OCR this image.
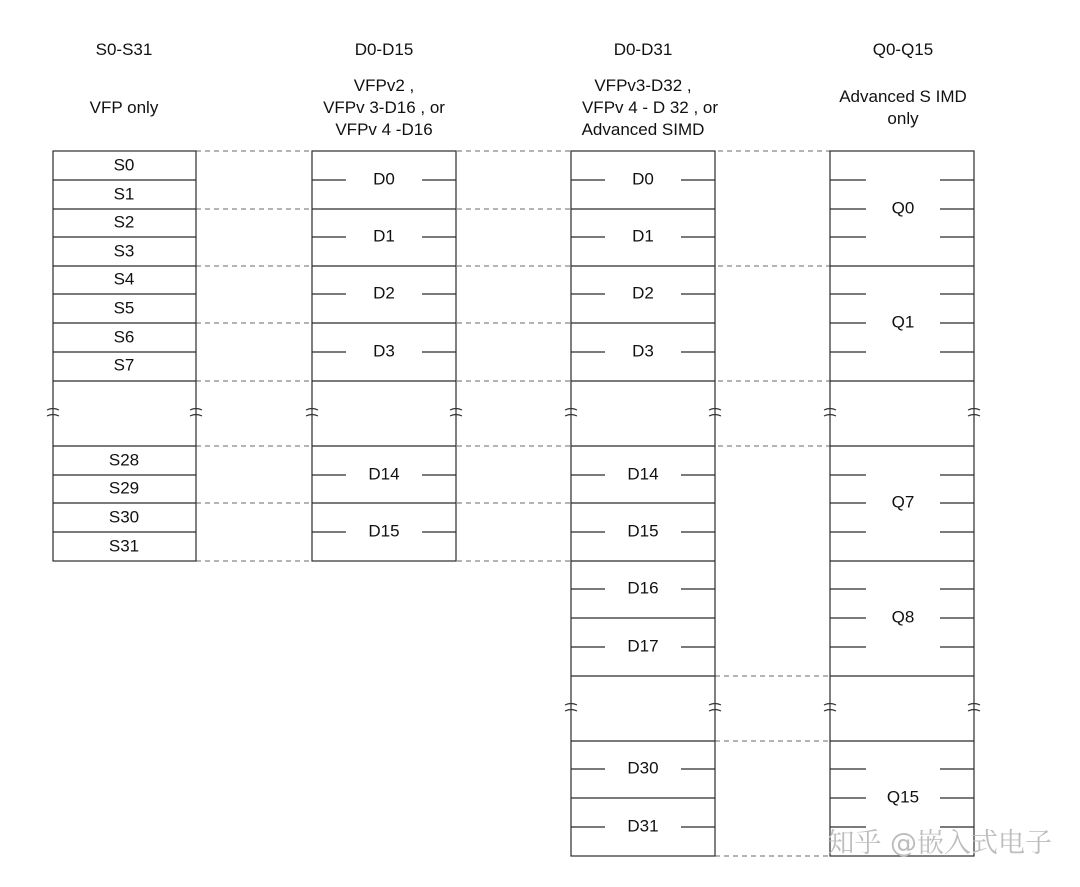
S0-S31
VFP only
S0
S1
S2
S3
S4
S5
S6
S7
S28
S29
S30
S31
D0-D15
VFPv2 ,
VFPv 3-D16 , or
VFPv 4 -D16
D0
D1
D2
D3
D14
D15
D0-D31
VFPv3-D32 ,
VFPv 4 - D 32 , or
Advanced SIMD
D0
D1
D2
D3
D14
D15
D16
D17
D30
D31
Q0-Q15
Advanced S IMD
only
Q0
Q1
Q7
Q8
Q15
知乎 @嵌入式电子
